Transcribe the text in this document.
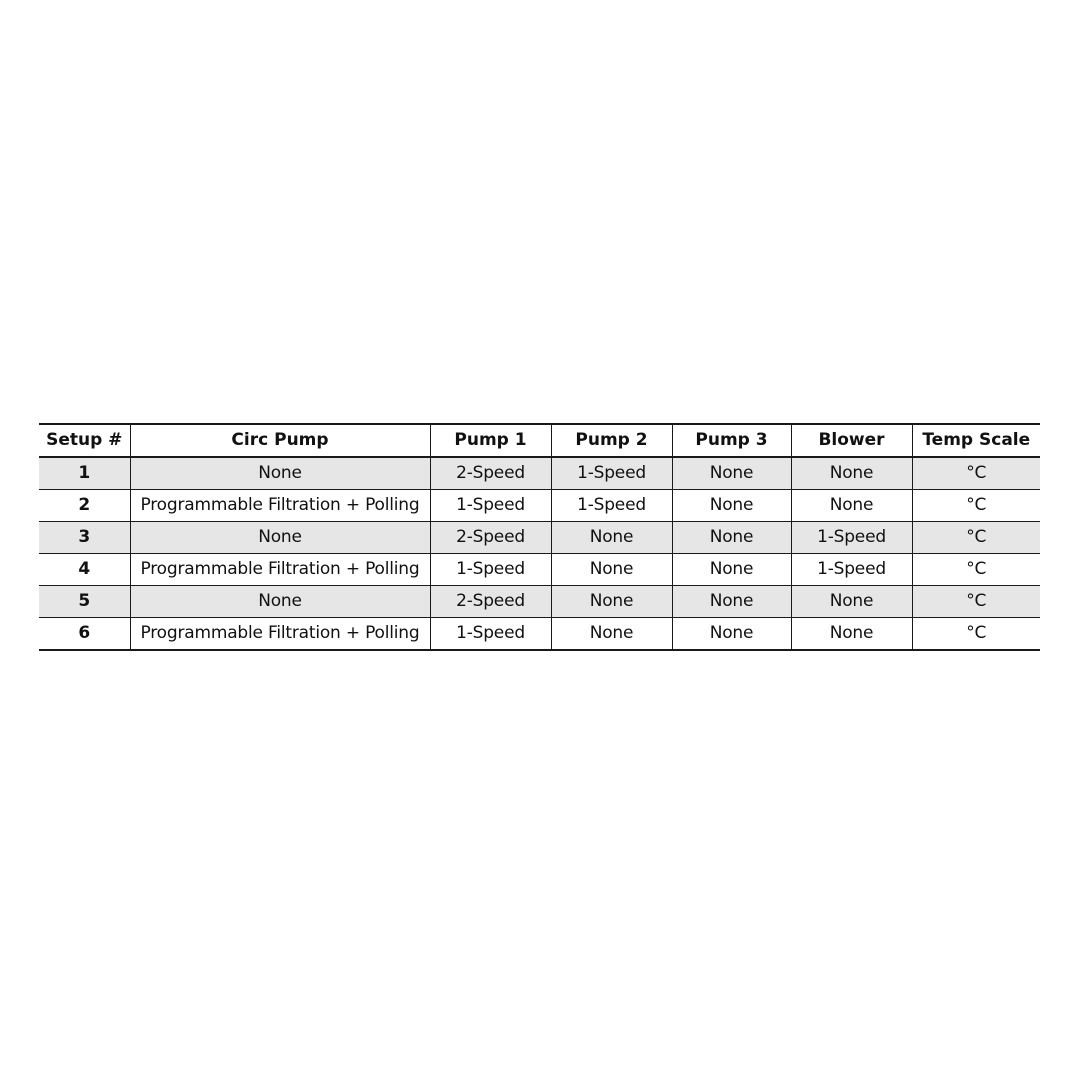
Setup #	Circ Pump	Pump 1	Pump 2	Pump 3	Blower	Temp Scale
1	None	2-Speed	1-Speed	None	None	°C
2	Programmable Filtration + Polling	1-Speed	1-Speed	None	None	°C
3	None	2-Speed	None	None	1-Speed	°C
4	Programmable Filtration + Polling	1-Speed	None	None	1-Speed	°C
5	None	2-Speed	None	None	None	°C
6	Programmable Filtration + Polling	1-Speed	None	None	None	°C
